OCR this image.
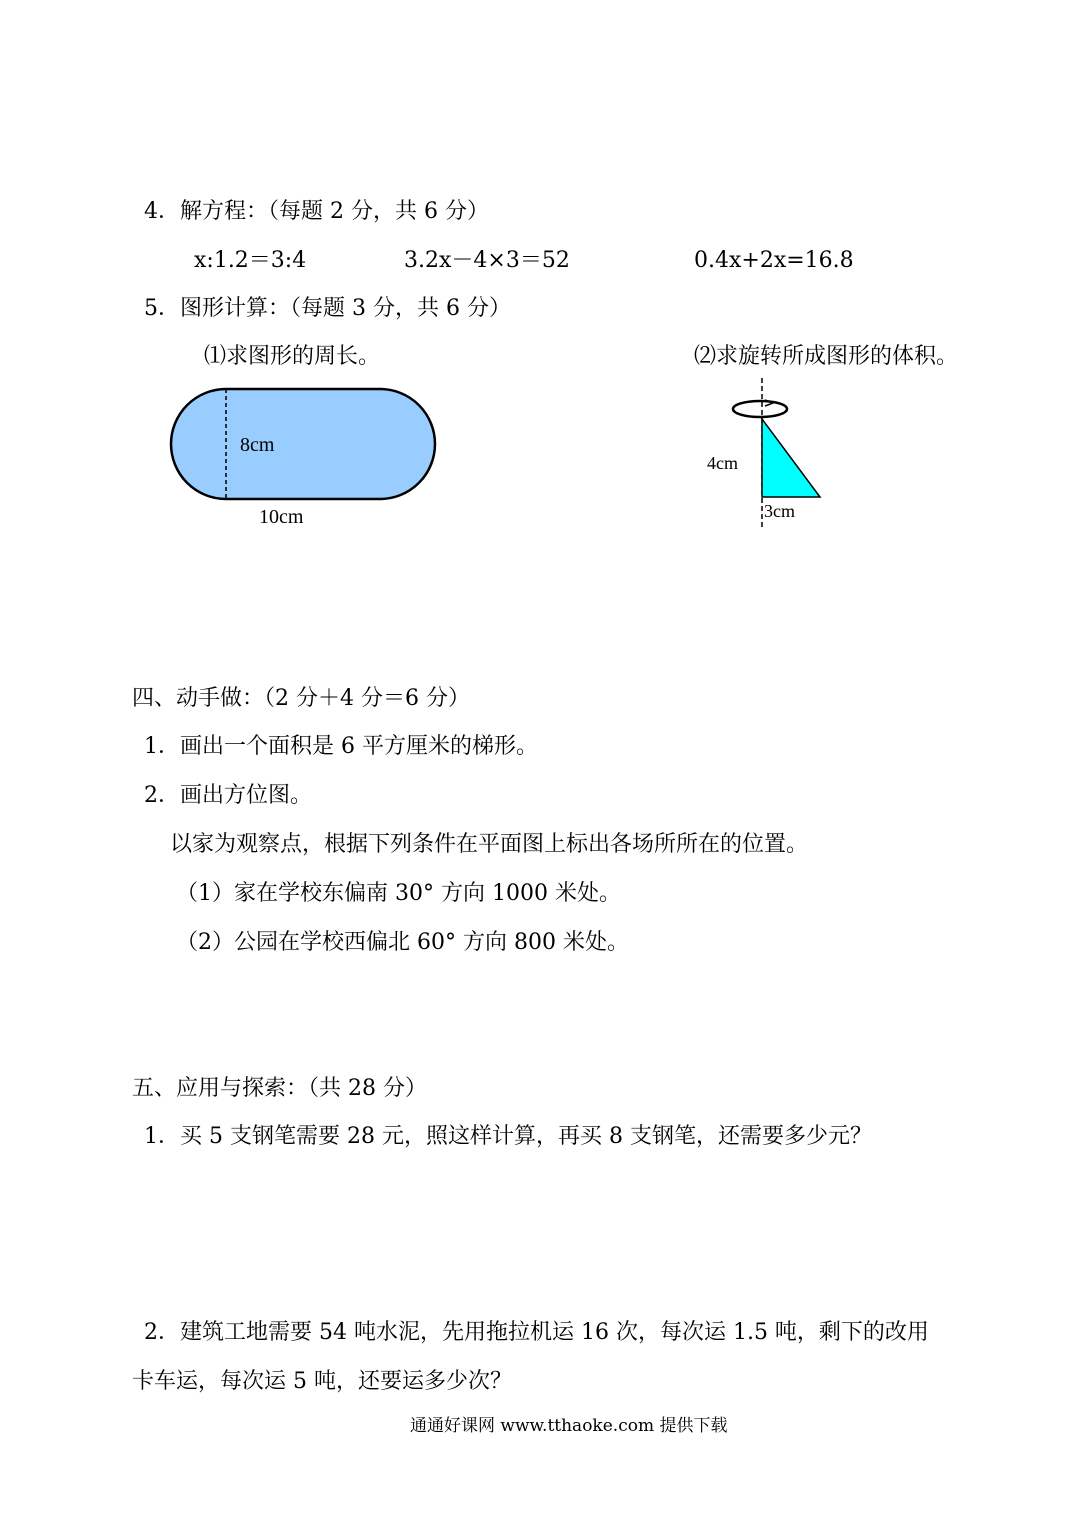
4．解方程：（每题 2 分，共 6 分）
x:1.2＝3:4	3.2x－4×3＝52	0.4x+2x=16.8
5．图形计算：（每题 3 分，共 6 分）
⑴求图形的周长。	⑵求旋转所成图形的体积。
8cm
10cm
4cm
3cm
四、动手做：（2 分＋4 分＝6 分）
1．画出一个面积是 6 平方厘米的梯形。
2．画出方位图。
以家为观察点，根据下列条件在平面图上标出各场所所在的位置。
（1）家在学校东偏南 30° 方向 1000 米处。
（2）公园在学校西偏北 60° 方向 800 米处。
五、应用与探索：（共 28 分）
1．买 5 支钢笔需要 28 元，照这样计算，再买 8 支钢笔，还需要多少元？
2．建筑工地需要 54 吨水泥，先用拖拉机运 16 次，每次运 1.5 吨，剩下的改用
卡车运，每次运 5 吨，还要运多少次？
通通好课网 www.tthaoke.com 提供下载
